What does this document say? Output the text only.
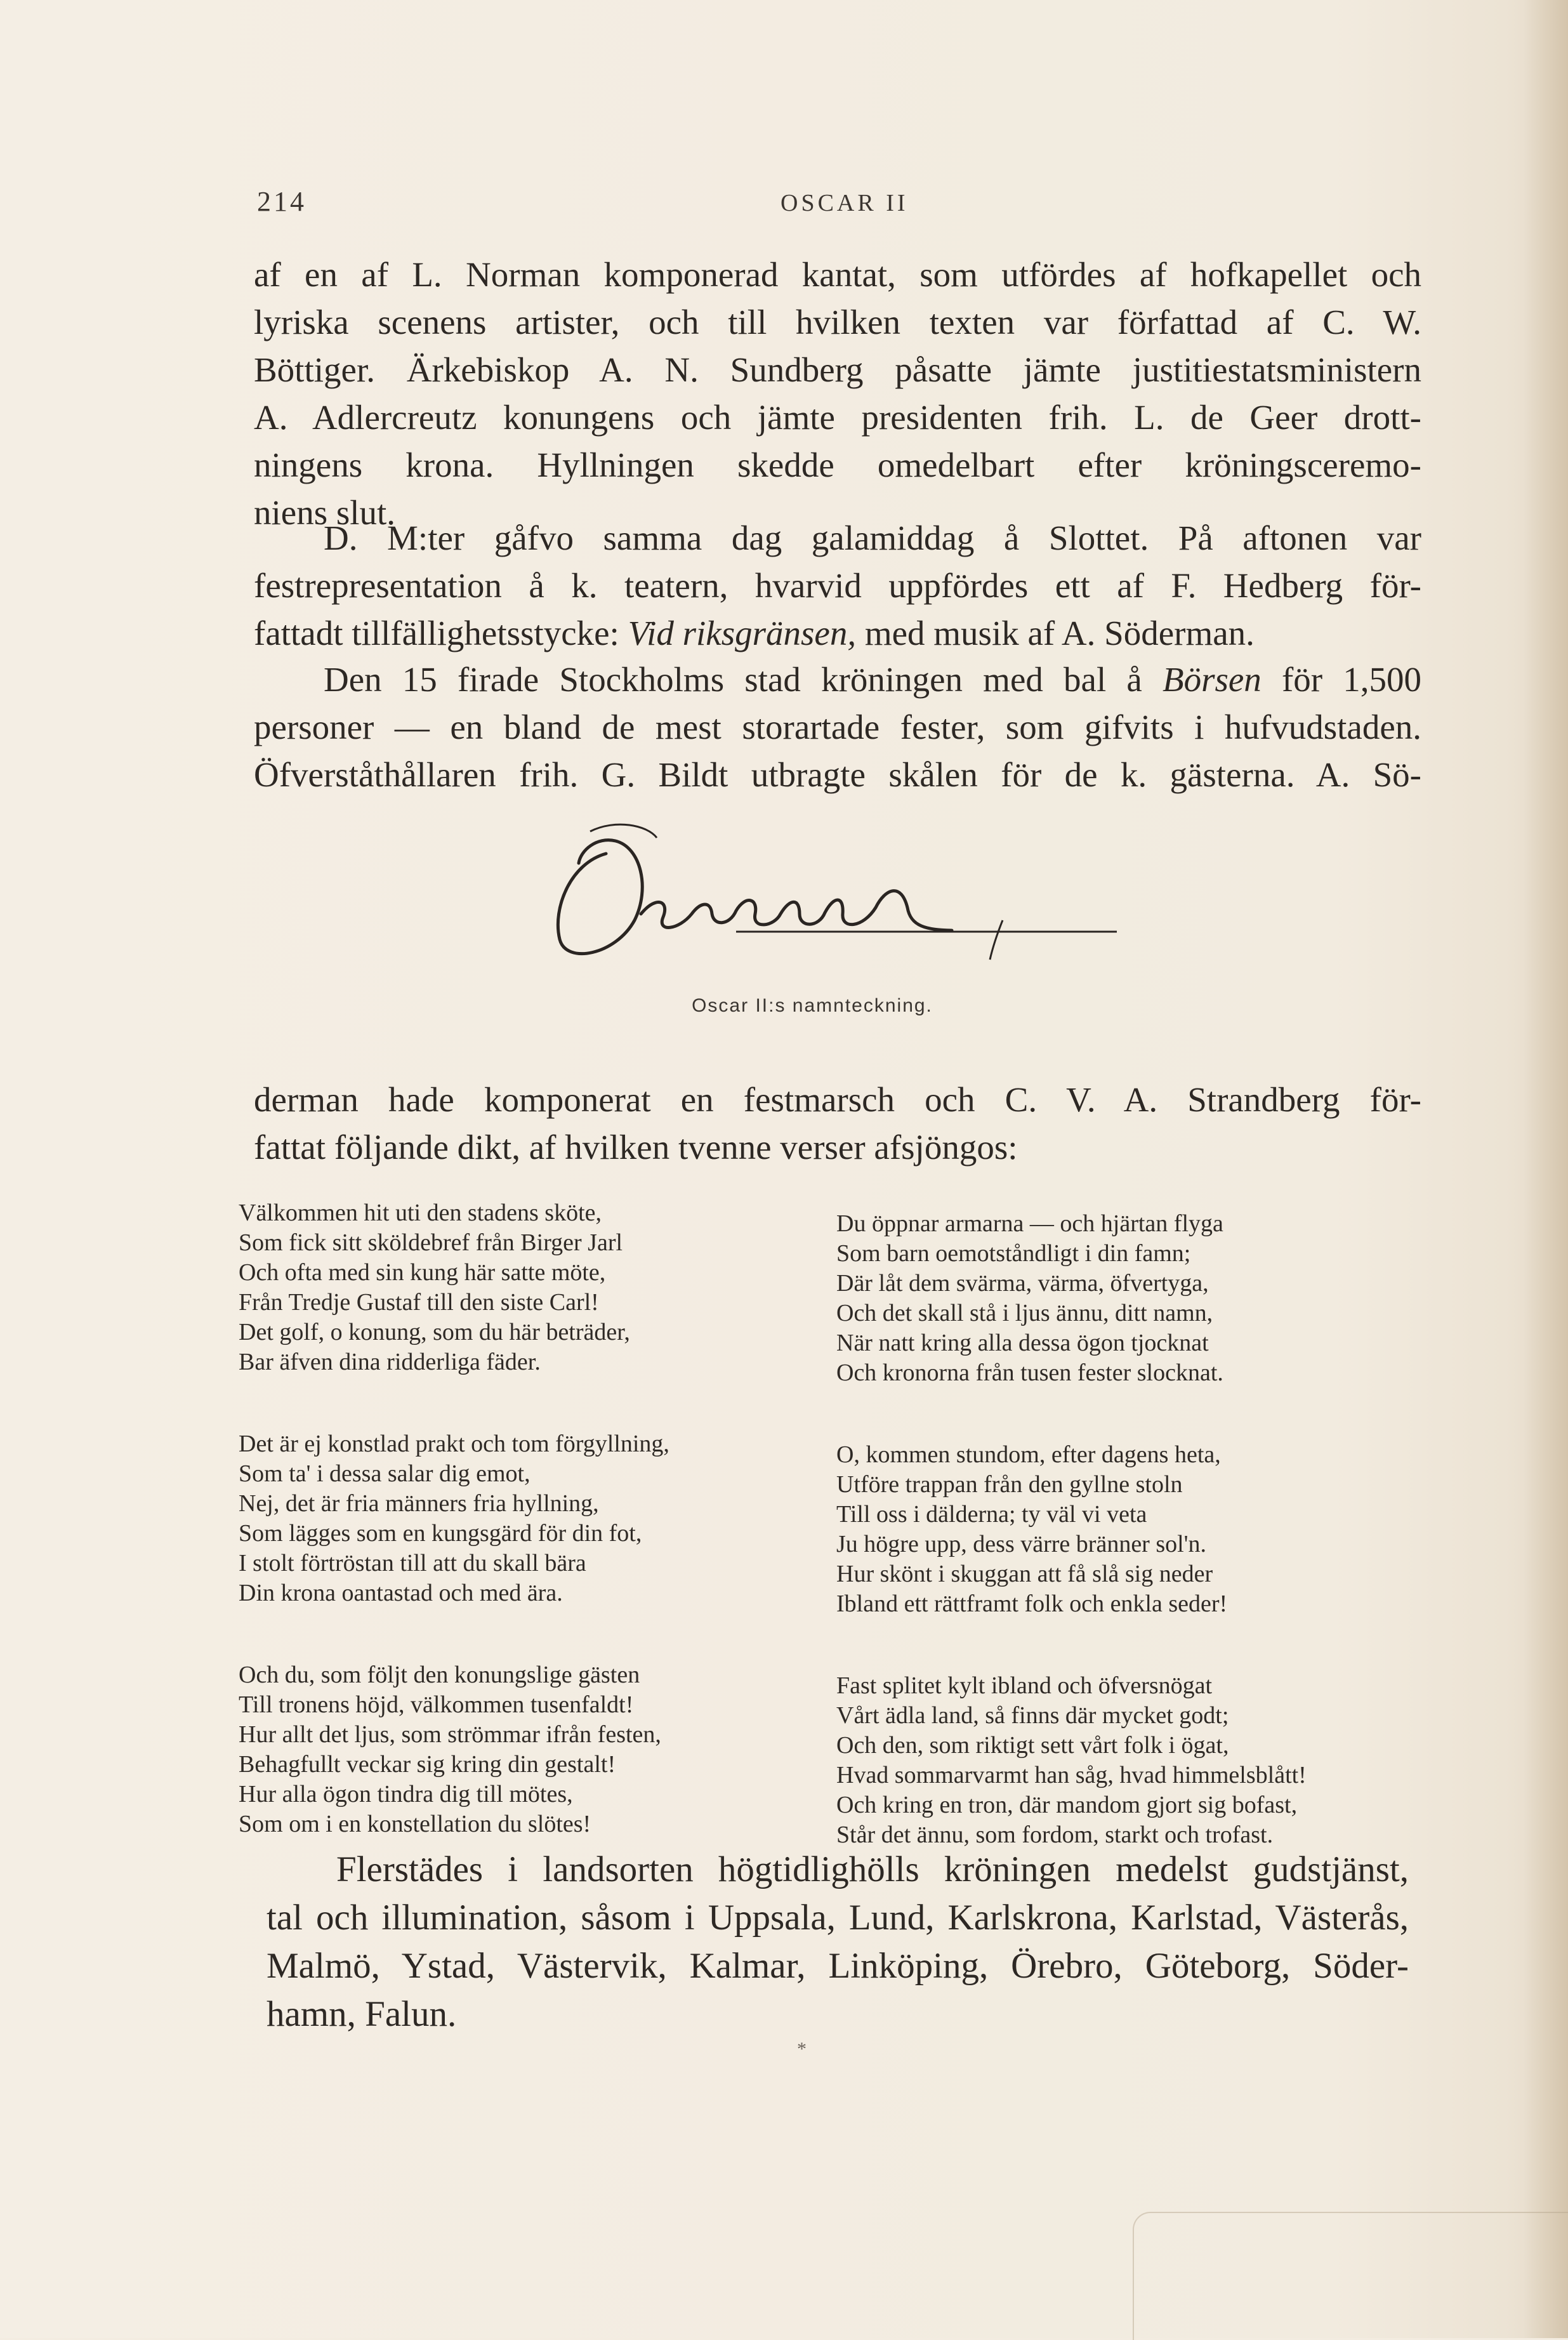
214	OSCAR II
af en af L. Norman komponerad kantat, som utfördes af hofkapellet och
lyriska scenens artister, och till hvilken texten var författad af C. W.
Böttiger. Ärkebiskop A. N. Sundberg påsatte jämte justitiestatsministern
A. Adlercreutz konungens och jämte presidenten frih. L. de Geer drott-
ningens krona. Hyllningen skedde omedelbart efter kröningsceremo-
niens slut.
D. M:ter gåfvo samma dag galamiddag å Slottet. På aftonen var
festrepresentation å k. teatern, hvarvid uppfördes ett af F. Hedberg för-
fattadt tillfällighetsstycke: Vid riksgränsen, med musik af A. Söderman.
Den 15 firade Stockholms stad kröningen med bal å Börsen för 1,500
personer — en bland de mest storartade fester, som gifvits i hufvudstaden.
Öfverståthållaren frih. G. Bildt utbragte skålen för de k. gästerna. A. Sö-
Oscar
Oscar II:s namnteckning.
derman hade komponerat en festmarsch och C. V. A. Strandberg för-
fattat följande dikt, af hvilken tvenne verser afsjöngos:
Välkommen hit uti den stadens sköte,
Som fick sitt sköldebref från Birger Jarl
Och ofta med sin kung här satte möte,
Från Tredje Gustaf till den siste Carl!
Det golf, o konung, som du här beträder,
Bar äfven dina ridderliga fäder.
Det är ej konstlad prakt och tom förgyllning,
Som ta' i dessa salar dig emot,
Nej, det är fria männers fria hyllning,
Som lägges som en kungsgärd för din fot,
I stolt förtröstan till att du skall bära
Din krona oantastad och med ära.
Och du, som följt den konungslige gästen
Till tronens höjd, välkommen tusenfaldt!
Hur allt det ljus, som strömmar ifrån festen,
Behagfullt veckar sig kring din gestalt!
Hur alla ögon tindra dig till mötes,
Som om i en konstellation du slötes!
Du öppnar armarna — och hjärtan flyga
Som barn oemotståndligt i din famn;
Där låt dem svärma, värma, öfvertyga,
Och det skall stå i ljus ännu, ditt namn,
När natt kring alla dessa ögon tjocknat
Och kronorna från tusen fester slocknat.
O, kommen stundom, efter dagens heta,
Utföre trappan från den gyllne stoln
Till oss i dälderna; ty väl vi veta
Ju högre upp, dess värre bränner sol'n.
Hur skönt i skuggan att få slå sig neder
Ibland ett rättframt folk och enkla seder!
Fast splitet kylt ibland och öfversnögat
Vårt ädla land, så finns där mycket godt;
Och den, som riktigt sett vårt folk i ögat,
Hvad sommarvarmt han såg, hvad himmelsblått!
Och kring en tron, där mandom gjort sig bofast,
Står det ännu, som fordom, starkt och trofast.
Flerstädes i landsorten högtidlighölls kröningen medelst gudstjänst,
tal och illumination, såsom i Uppsala, Lund, Karlskrona, Karlstad, Västerås,
Malmö, Ystad, Västervik, Kalmar, Linköping, Örebro, Göteborg, Söder-
hamn, Falun.
*
